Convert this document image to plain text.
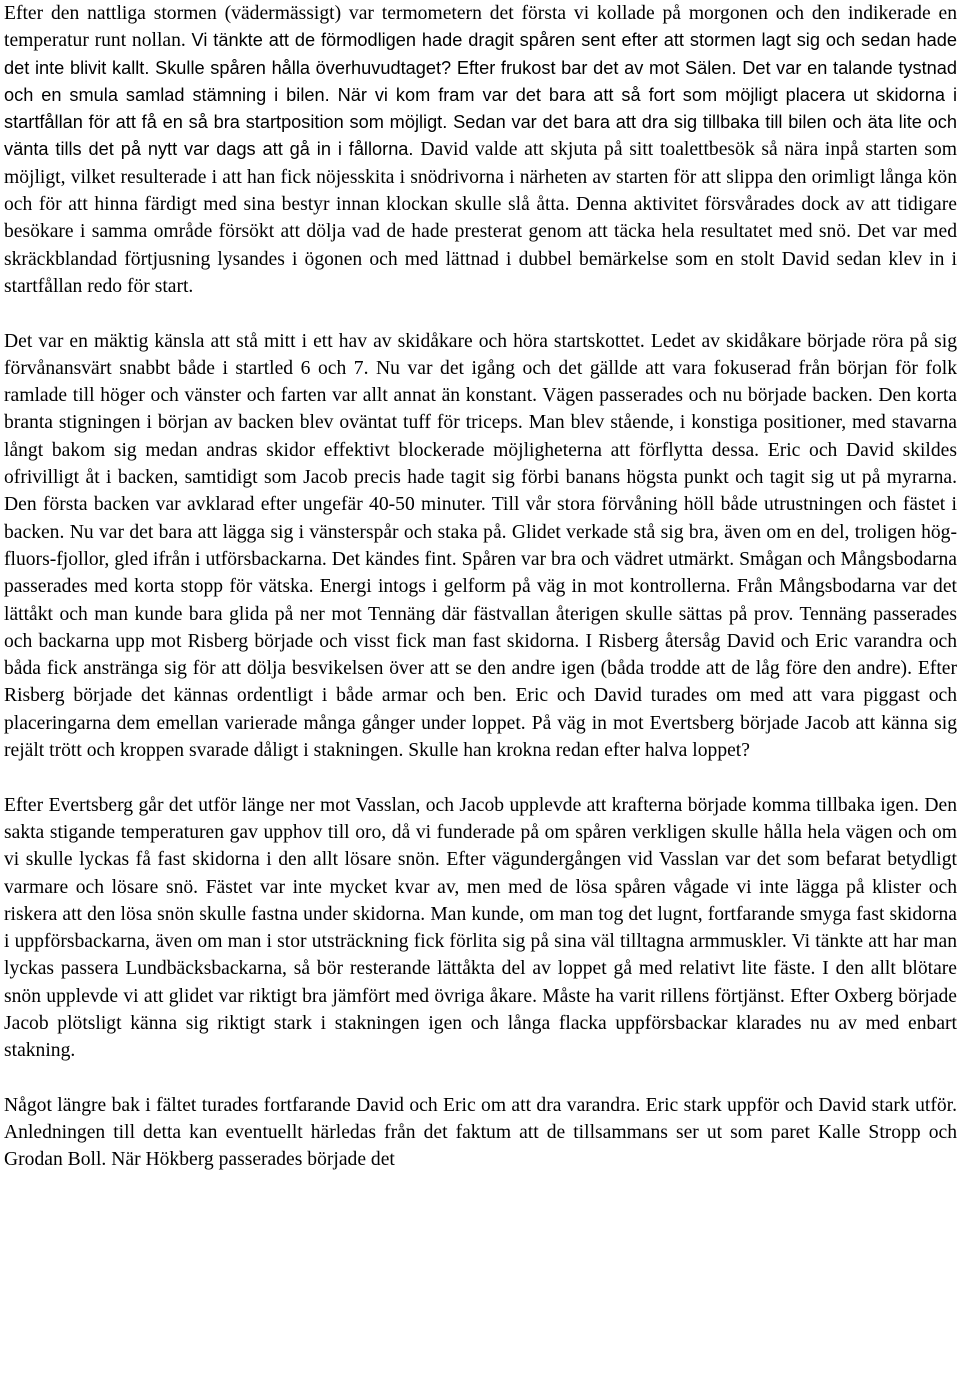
Efter den nattliga stormen (vädermässigt) var termometern det första vi kollade på morgonen och den indikerade en temperatur runt nollan. Vi tänkte att de förmodligen hade dragit spåren sent efter att stormen lagt sig och sedan hade det inte blivit kallt. Skulle spåren hålla överhuvudtaget? Efter frukost bar det av mot Sälen. Det var en talande tystnad och en smula samlad stämning i bilen. När vi kom fram var det bara att så fort som möjligt placera ut skidorna i startfållan för att få en så bra startposition som möjligt. Sedan var det bara att dra sig tillbaka till bilen och äta lite och vänta tills det på nytt var dags att gå in i fållorna. David valde att skjuta på sitt toalettbesök så nära inpå starten som möjligt, vilket resulterade i att han fick nöjesskita i snödrivorna i närheten av starten för att slippa den orimligt långa kön och för att hinna färdigt med sina bestyr innan klockan skulle slå åtta. Denna aktivitet försvårades dock av att tidigare besökare i samma område försökt att dölja vad de hade presterat genom att täcka hela resultatet med snö. Det var med skräckblandad förtjusning lysandes i ögonen och med lättnad i dubbel bemärkelse som en stolt David sedan klev in i startfållan redo för start.

Det var en mäktig känsla att stå mitt i ett hav av skidåkare och höra startskottet. Ledet av skidåkare började röra på sig förvånansvärt snabbt både i startled 6 och 7. Nu var det igång och det gällde att vara fokuserad från början för folk ramlade till höger och vänster och farten var allt annat än konstant. Vägen passerades och nu började backen. Den korta branta stigningen i början av backen blev oväntat tuff för triceps. Man blev stående, i konstiga positioner, med stavarna långt bakom sig medan andras skidor effektivt blockerade möjligheterna att förflytta dessa. Eric och David skildes ofrivilligt åt i backen, samtidigt som Jacob precis hade tagit sig förbi banans högsta punkt och tagit sig ut på myrarna. Den första backen var avklarad efter ungefär 40-50 minuter. Till vår stora förvåning höll både utrustningen och fästet i backen. Nu var det bara att lägga sig i vänsterspår och staka på. Glidet verkade stå sig bra, även om en del, troligen hög-fluors-fjollor, gled ifrån i utförsbackarna. Det kändes fint. Spåren var bra och vädret utmärkt. Smågan och Mångsbodarna passerades med korta stopp för vätska. Energi intogs i gelform på väg in mot kontrollerna. Från Mångsbodarna var det lättåkt och man kunde bara glida på ner mot Tennäng där fästvallan återigen skulle sättas på prov. Tennäng passerades och backarna upp mot Risberg började och visst fick man fast skidorna. I Risberg återsåg David och Eric varandra och båda fick anstränga sig för att dölja besvikelsen över att se den andre igen (båda trodde att de låg före den andre). Efter Risberg började det kännas ordentligt i både armar och ben. Eric och David turades om med att vara piggast och placeringarna dem emellan varierade många gånger under loppet. På väg in mot Evertsberg började Jacob att känna sig rejält trött och kroppen svarade dåligt i stakningen. Skulle han krokna redan efter halva loppet?

Efter Evertsberg går det utför länge ner mot Vasslan, och Jacob upplevde att krafterna började komma tillbaka igen. Den sakta stigande temperaturen gav upphov till oro, då vi funderade på om spåren verkligen skulle hålla hela vägen och om vi skulle lyckas få fast skidorna i den allt lösare snön. Efter vägundergången vid Vasslan var det som befarat betydligt varmare och lösare snö. Fästet var inte mycket kvar av, men med de lösa spåren vågade vi inte lägga på klister och riskera att den lösa snön skulle fastna under skidorna. Man kunde, om man tog det lugnt, fortfarande smyga fast skidorna i uppförsbackarna, även om man i stor utsträckning fick förlita sig på sina väl tilltagna armmuskler. Vi tänkte att har man lyckas passera Lundbäcksbackarna, så bör resterande lättåkta del av loppet gå med relativt lite fäste. I den allt blötare snön upplevde vi att glidet var riktigt bra jämfört med övriga åkare. Måste ha varit rillens förtjänst. Efter Oxberg började Jacob plötsligt känna sig riktigt stark i stakningen igen och långa flacka uppförsbackar klarades nu av med enbart stakning.

Något längre bak i fältet turades fortfarande David och Eric om att dra varandra. Eric stark uppför och David stark utför. Anledningen till detta kan eventuellt härledas från det faktum att de tillsammans ser ut som paret Kalle Stropp och Grodan Boll. När Hökberg passerades började det
